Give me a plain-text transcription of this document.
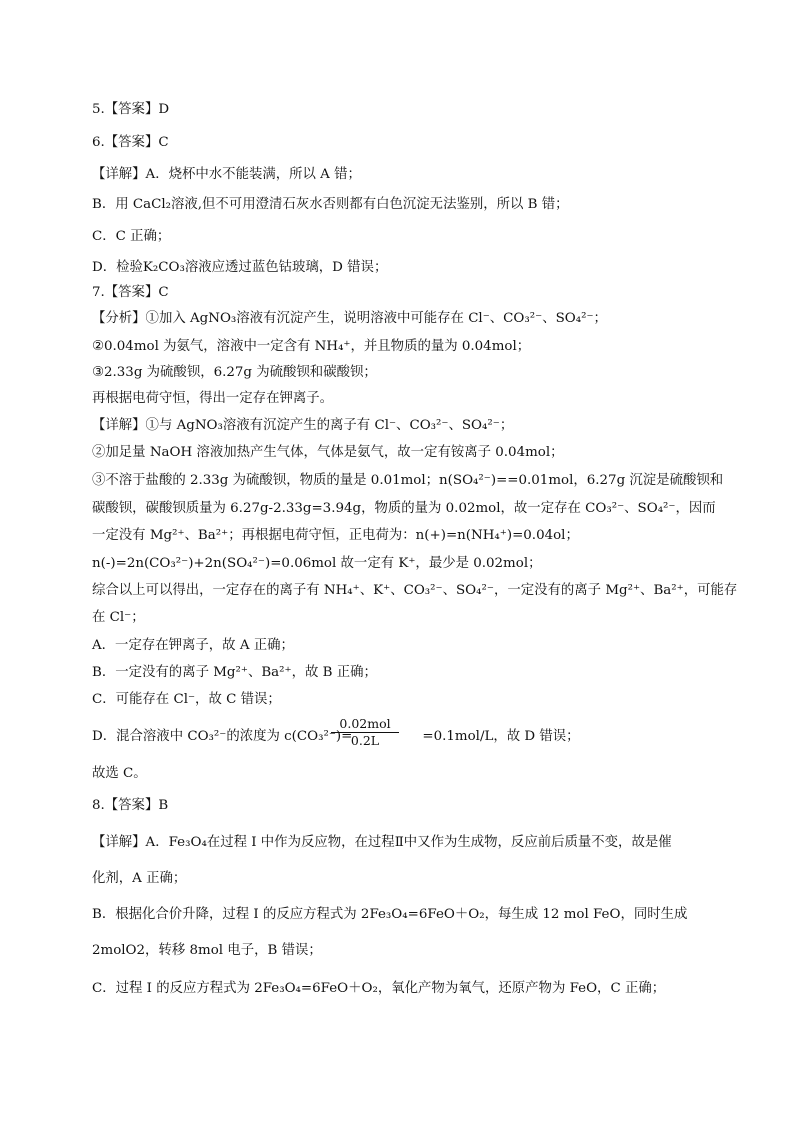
5.【答案】D
6.【答案】C
【详解】A．烧杯中水不能装满，所以 A 错；
B．用 CaCl₂溶液,但不可用澄清石灰水否则都有白色沉淀无法鉴别，所以 B 错；
C．C 正确；
D．检验K₂CO₃溶液应透过蓝色钴玻璃，D 错误；
7.【答案】C
【分析】①加入 AgNO₃溶液有沉淀产生，说明溶液中可能存在 Cl⁻、CO₃²⁻、SO₄²⁻；
②0.04mol 为氨气，溶液中一定含有 NH₄⁺，并且物质的量为 0.04mol；
③2.33g 为硫酸钡，6.27g 为硫酸钡和碳酸钡；
再根据电荷守恒，得出一定存在钾离子。
【详解】①与 AgNO₃溶液有沉淀产生的离子有 Cl⁻、CO₃²⁻、SO₄²⁻；
②加足量 NaOH 溶液加热产生气体，气体是氨气，故一定有铵离子 0.04mol；
③不溶于盐酸的 2.33g 为硫酸钡，物质的量是 0.01mol；n(SO₄²⁻)==0.01mol，6.27g 沉淀是硫酸钡和
碳酸钡，碳酸钡质量为 6.27g-2.33g=3.94g，物质的量为 0.02mol，故一定存在 CO₃²⁻、SO₄²⁻，因而
一定没有 Mg²⁺、Ba²⁺；再根据电荷守恒，正电荷为：n(+)=n(NH₄⁺)=0.04ol；
n(-)=2n(CO₃²⁻)+2n(SO₄²⁻)=0.06mol 故一定有 K⁺，最少是 0.02mol；
综合以上可以得出，一定存在的离子有 NH₄⁺、K⁺、CO₃²⁻、SO₄²⁻，一定没有的离子 Mg²⁺、Ba²⁺，可能存
在 Cl⁻；
A．一定存在钾离子，故 A 正确；
B．一定没有的离子 Mg²⁺、Ba²⁺，故 B 正确；
C．可能存在 Cl⁻，故 C 错误；
D．混合溶液中 CO₃²⁻的浓度为 c(CO₃²⁻)=	=0.1mol/L，故 D 错误；
0.02mol
0.2L
故选 C。
8.【答案】B
【详解】A．Fe₃O₄在过程 I 中作为反应物，在过程Ⅱ中又作为生成物，反应前后质量不变，故是催
化剂，A 正确；
B．根据化合价升降，过程 I 的反应方程式为 2Fe₃O₄=6FeO＋O₂，每生成 12 mol FeO，同时生成
2molO2，转移 8mol 电子，B 错误；
C．过程 I 的反应方程式为 2Fe₃O₄=6FeO＋O₂，氧化产物为氧气，还原产物为 FeO，C 正确；
